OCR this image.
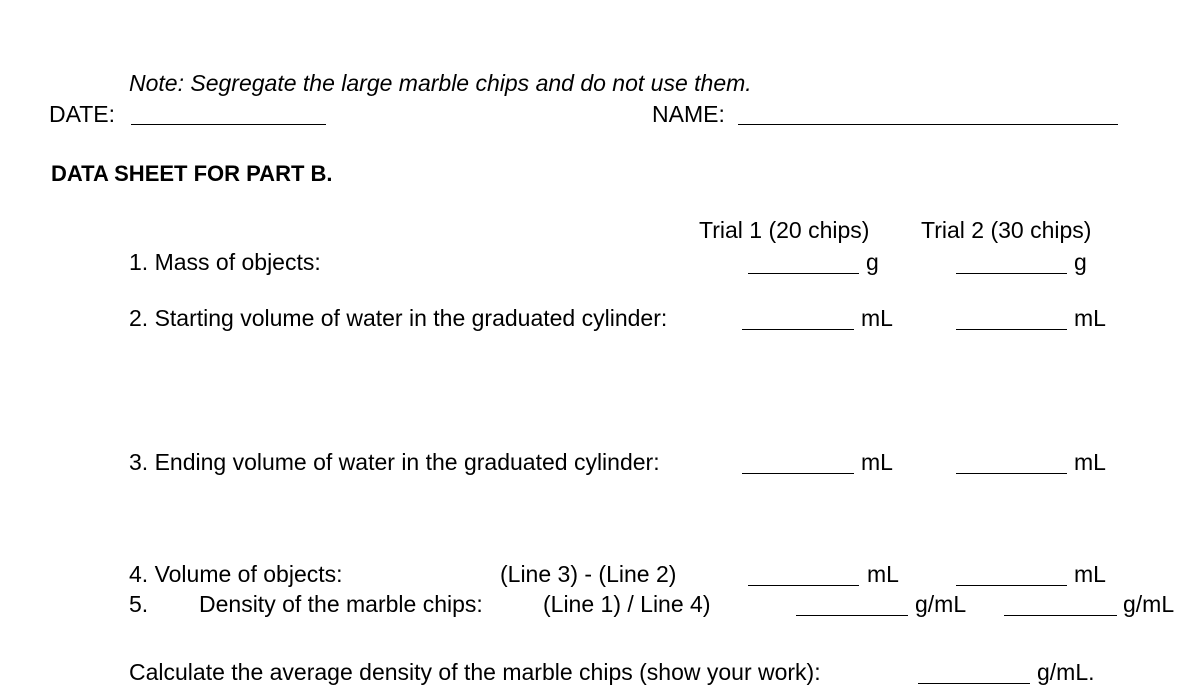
Note: Segregate the large marble chips and do not use them.
DATE:	NAME:
DATA SHEET FOR PART B.
Trial 1 (20 chips) Trial 2 (30 chips)
1. Mass of objects:	g	g
2. Starting volume of water in the graduated cylinder:	mL	mL
3. Ending volume of water in the graduated cylinder:	mL	mL
4. Volume of objects:	(Line 3) - (Line 2)	mL	mL
5. Density of the marble chips:	(Line 1) / Line 4)	g/mL	g/mL
Calculate the average density of the marble chips (show your work):	g/mL.
